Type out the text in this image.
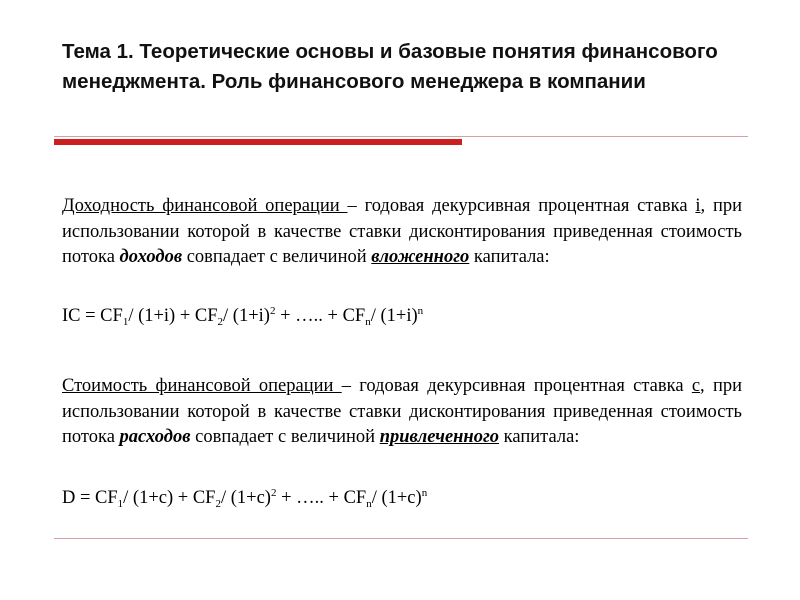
Тема 1. Теоретические основы и базовые понятия финансового менеджмента. Роль финансового менеджера в компании
Доходность финансовой операции – годовая декурсивная процентная ставка i, при использовании которой в качестве ставки дисконтирования приведенная стоимость потока доходов совпадает с величиной вложенного капитала:
IC = $CF_1/$ $(1+i) + CF_2/$ $(1+i)^2$ + ….. + $CF_n/$ $(1+i)^n$
Стоимость финансовой операции – годовая декурсивная процентная ставка c, при использовании которой в качестве ставки дисконтирования приведенная стоимость потока расходов совпадает с величиной привлеченного капитала:
$D = CF_1/$ $(1+c) + CF_2/$ $(1+c)^2$ + ….. + $CF_n/$ $(1+c)^n$
